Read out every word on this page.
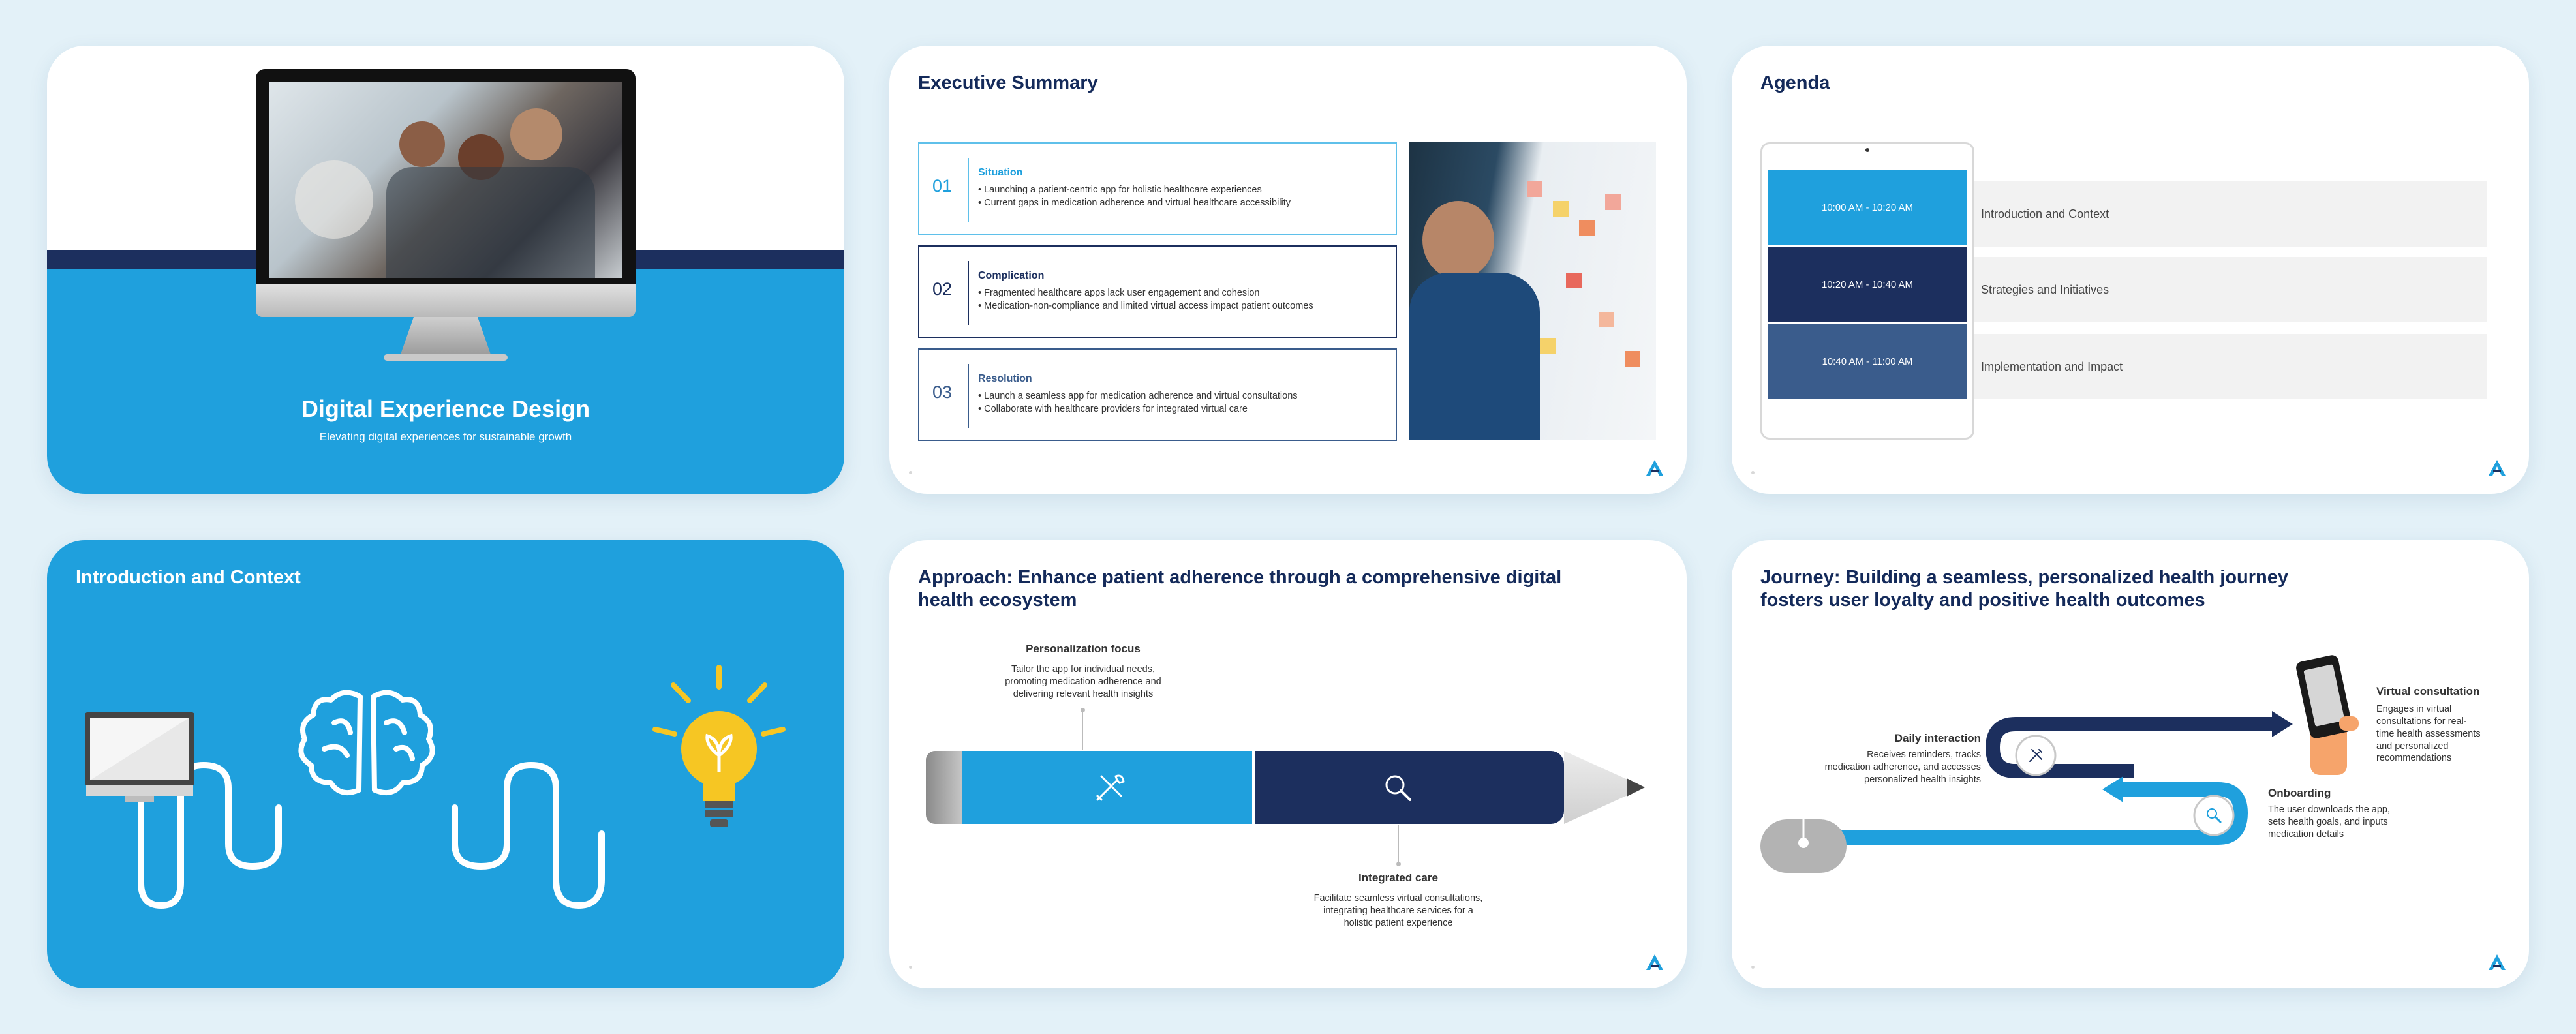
Digital Experience Design
Elevating digital experiences for sustainable growth
Executive Summary
01
Situation
• Launching a patient-centric app for holistic healthcare experiences
• Current gaps in medication adherence and virtual healthcare accessibility
02
Complication
• Fragmented healthcare apps lack user engagement and cohesion
• Medication-non-compliance and limited virtual access impact patient outcomes
03
Resolution
• Launch a seamless app for medication adherence and virtual consultations
• Collaborate with healthcare providers for integrated virtual care
Agenda
10:00 AM - 10:20 AM
10:20 AM - 10:40 AM
10:40 AM - 11:00 AM
Introduction and Context
Strategies and Initiatives
Implementation and Impact
Introduction and Context	Approach: Enhance patient adherence through a comprehensive digital
health ecosystem
Personalization focus
Tailor the app for individual needs,
promoting medication adherence and
delivering relevant health insights
Integrated care
Facilitate seamless virtual consultations,
integrating healthcare services for a
holistic patient experience
Journey: Building a seamless, personalized health journey
fosters user loyalty and positive health outcomes
Virtual consultation
Engages in virtual
consultations for real-
time health assessments
and personalized
recommendations
Daily interaction
Receives reminders, tracks
medication adherence, and accesses
personalized health insights
Onboarding
The user downloads the app,
sets health goals, and inputs
medication details
